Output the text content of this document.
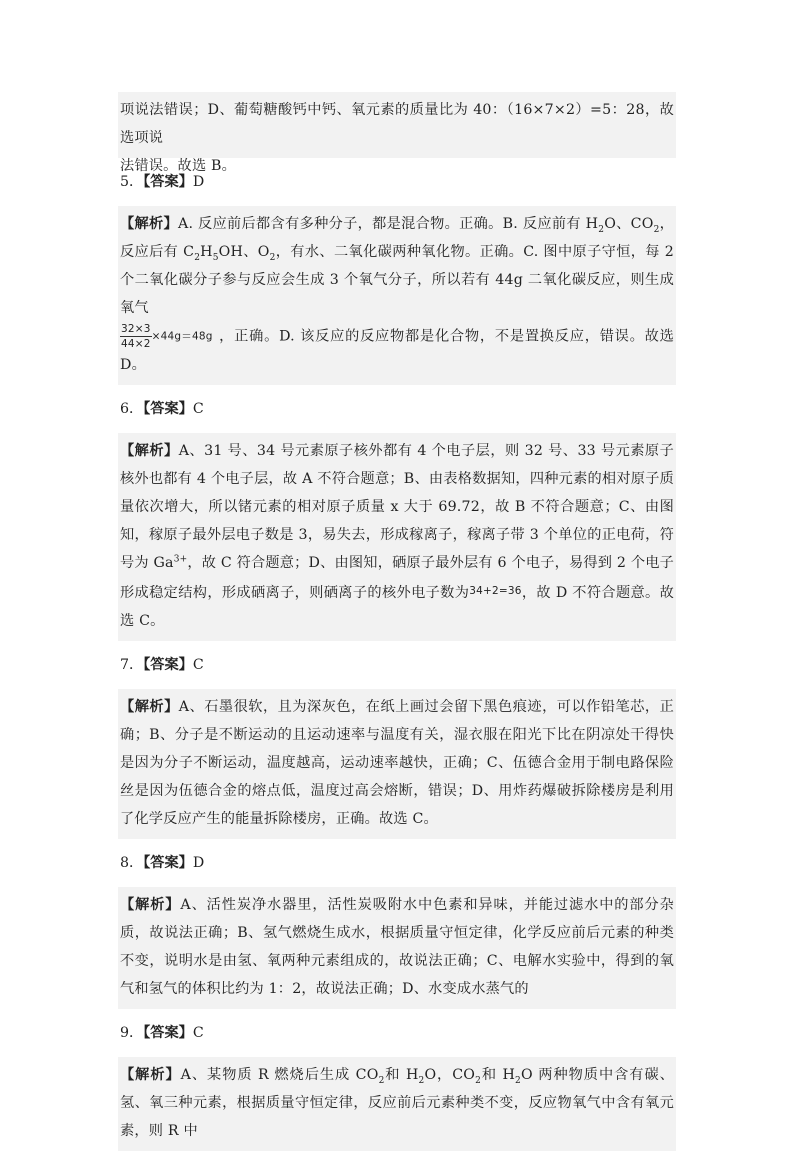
项说法错误；D、葡萄糖酸钙中钙、氧元素的质量比为 40：（16×7×2）=5：28，故选项说
法错误。故选 B。
5．【答案】D
【解析】A. 反应前后都含有多种分子，都是混合物。正确。B. 反应前有 $H_2O$、$CO_2$，反应后有 $C_2H_5OH$、$O_2$，有水、二氧化碳两种氧化物。正确。C. 图中原子守恒，每 2 个二氧化碳分子参与反应会生成 3 个氧气分子，所以若有 44g 二氧化碳反应，则生成氧气

$\frac{32\times 3}{44\times 2} \times 44g=48g$ ，正确。D. 该反应的反应物都是化合物，不是置换反应，错误。故选 D。
6．【答案】C
【解析】A、31 号、34 号元素原子核外都有 4 个电子层，则 32 号、33 号元素原子核外也都有 4 个电子层，故 A 不符合题意；B、由表格数据知，四种元素的相对原子质量依次增大，所以锗元素的相对原子质量 x 大于 69.72，故 B 不符合题意；C、由图知，稼原子最外层电子数是 3，易失去，形成稼离子，稼离子带 3 个单位的正电荷，符号为 $Ga^{3+}$，故 C 符合题意；D、由图知，硒原子最外层有 6 个电子，易得到 2 个电子形成稳定结构，形成硒离子，则硒离子的核外电子数为$^{34+2=36}$，故 D 不符合题意。故选 C。
7．【答案】C
【解析】A、石墨很软，且为深灰色，在纸上画过会留下黑色痕迹，可以作铅笔芯，正确；B、分子是不断运动的且运动速率与温度有关，湿衣服在阳光下比在阴凉处干得快是因为分子不断运动，温度越高，运动速率越快，正确；C、伍德合金用于制电路保险丝是因为伍德合金的熔点低，温度过高会熔断，错误；D、用炸药爆破拆除楼房是利用了化学反应产生的能量拆除楼房，正确。故选 C。
8．【答案】D
【解析】A、活性炭净水器里，活性炭吸附水中色素和异味，并能过滤水中的部分杂质，故说法正确；B、氢气燃烧生成水，根据质量守恒定律，化学反应前后元素的种类不变，说明水是由氢、氧两种元素组成的，故说法正确；C、电解水实验中，得到的氧气和氢气的体积比约为 1：2，故说法正确；D、水变成水蒸气的
9．【答案】C
【解析】A、某物质 R 燃烧后生成 $CO_2$和 $H_2O$，$CO_2$和 $H_2O$ 两种物质中含有碳、氢、氧三种元素，根据质量守恒定律，反应前后元素种类不变，反应物氧气中含有氧元素，则 R 中
